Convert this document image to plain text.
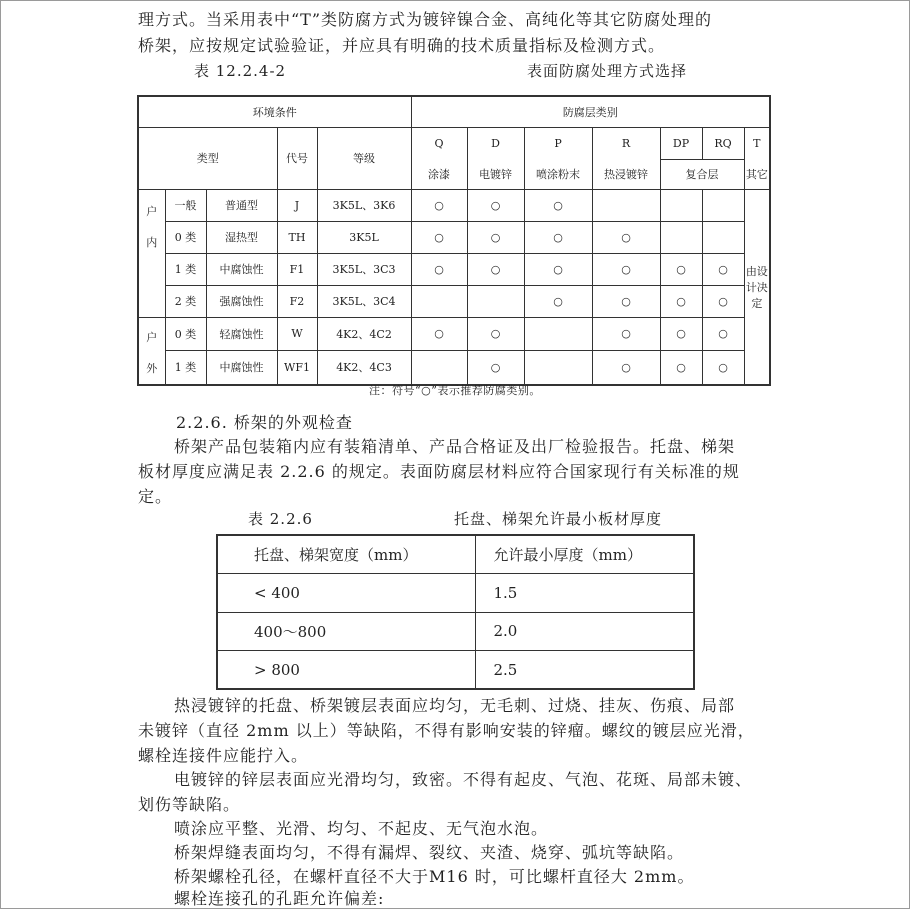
理方式。当采用表中“T”类防腐方式为镀锌镍合金、高纯化等其它防腐处理的
桥架，应按规定试验验证，并应具有明确的技术质量指标及检测方式。
表 12.2.4-2	表面防腐处理方式选择
环境条件					防腐层类别						
类型			代号	等级	Q	D	P	R	DP	RQ	T
					涂漆	电镀锌	喷涂粉末	热浸镀锌	复合层		其它
户
内	一般	普通型	J	3K5L、3K6	○	○	○				由设计决定
	0 类	湿热型	TH	3K5L	○	○	○	○			
	1 类	中腐蚀性	F1	3K5L、3C3	○	○	○	○	○	○	
	2 类	强腐蚀性	F2	3K5L、3C4			○	○	○	○	
户
外	0 类	轻腐蚀性	W	4K2、4C2	○	○		○	○	○	
	1 类	中腐蚀性	WF1	4K2、4C3		○		○	○	○	
注：符号“○”表示推荐防腐类别。
2.2.6. 桥架的外观检查
桥架产品包装箱内应有装箱清单、产品合格证及出厂检验报告。托盘、梯架
板材厚度应满足表 2.2.6 的规定。表面防腐层材料应符合国家现行有关标准的规
定。
表 2.2.6	托盘、梯架允许最小板材厚度
托盘、梯架宽度（mm）	允许最小厚度（mm）
< 400	1.5
400～800	2.0
> 800	2.5
热浸镀锌的托盘、桥架镀层表面应均匀，无毛刺、过烧、挂灰、伤痕、局部
未镀锌（直径 2mm 以上）等缺陷，不得有影响安装的锌瘤。螺纹的镀层应光滑，
螺栓连接件应能拧入。
电镀锌的锌层表面应光滑均匀，致密。不得有起皮、气泡、花斑、局部未镀、
划伤等缺陷。
喷涂应平整、光滑、均匀、不起皮、无气泡水泡。
桥架焊缝表面均匀，不得有漏焊、裂纹、夹渣、烧穿、弧坑等缺陷。
桥架螺栓孔径，在螺杆直径不大于M16 时，可比螺杆直径大 2mm。
螺栓连接孔的孔距允许偏差:
